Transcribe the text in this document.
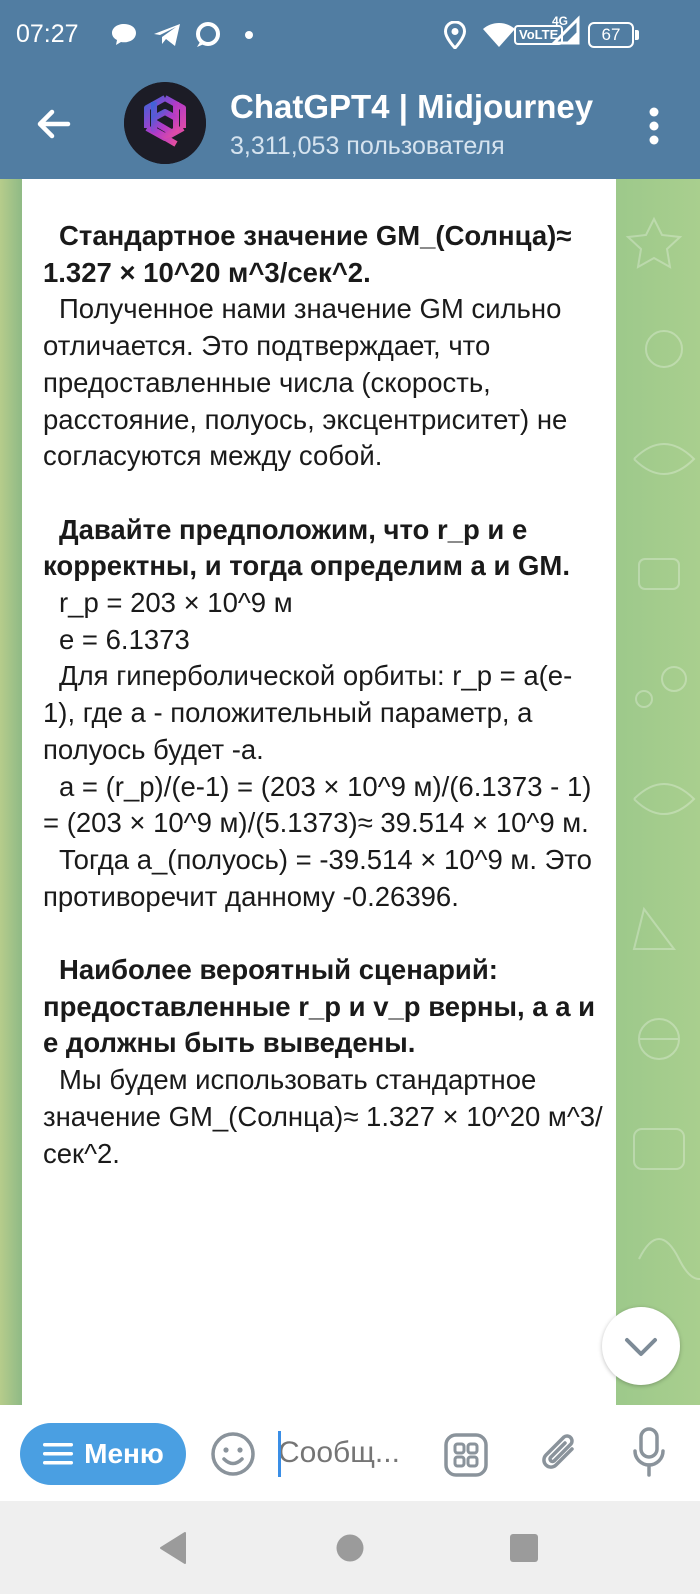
07:27	VoLTE
4G
67
ChatGPT4 | Midjourney
3,311,053 пользователя

Стандартное значение GM_(Солнца)≈ 1.327 × 10^20 м^3/сек^2.

Полученное нами значение GM сильно отличается. Это подтверждает, что предоставленные числа (скорость, расстояние, полуось, эксцентриситет) не согласуются между собой.

Давайте предположим, что r_p и e корректны, и тогда определим a и GM.

r_p = 203 × 10^9 м

e = 6.1373

Для гиперболической орбиты: r_p = a(e-1), где a - положительный параметр, а полуось будет -a.

a = (r_p)/(e-1) = (203 × 10^9 м)/(6.1373 - 1) = (203 × 10^9 м)/(5.1373)≈ 39.514 × 10^9 м.

Тогда a_(полуось) = -39.514 × 10^9 м. Это противоречит данному -0.26396.

Наиболее вероятный сценарий: предоставленные r_p и v_p верны, а a и e должны быть выведены.

Мы будем использовать стандартное значение GM_(Солнца)≈ 1.327 × 10^20 м^3/сек^2.

Меню
Сообщ...
